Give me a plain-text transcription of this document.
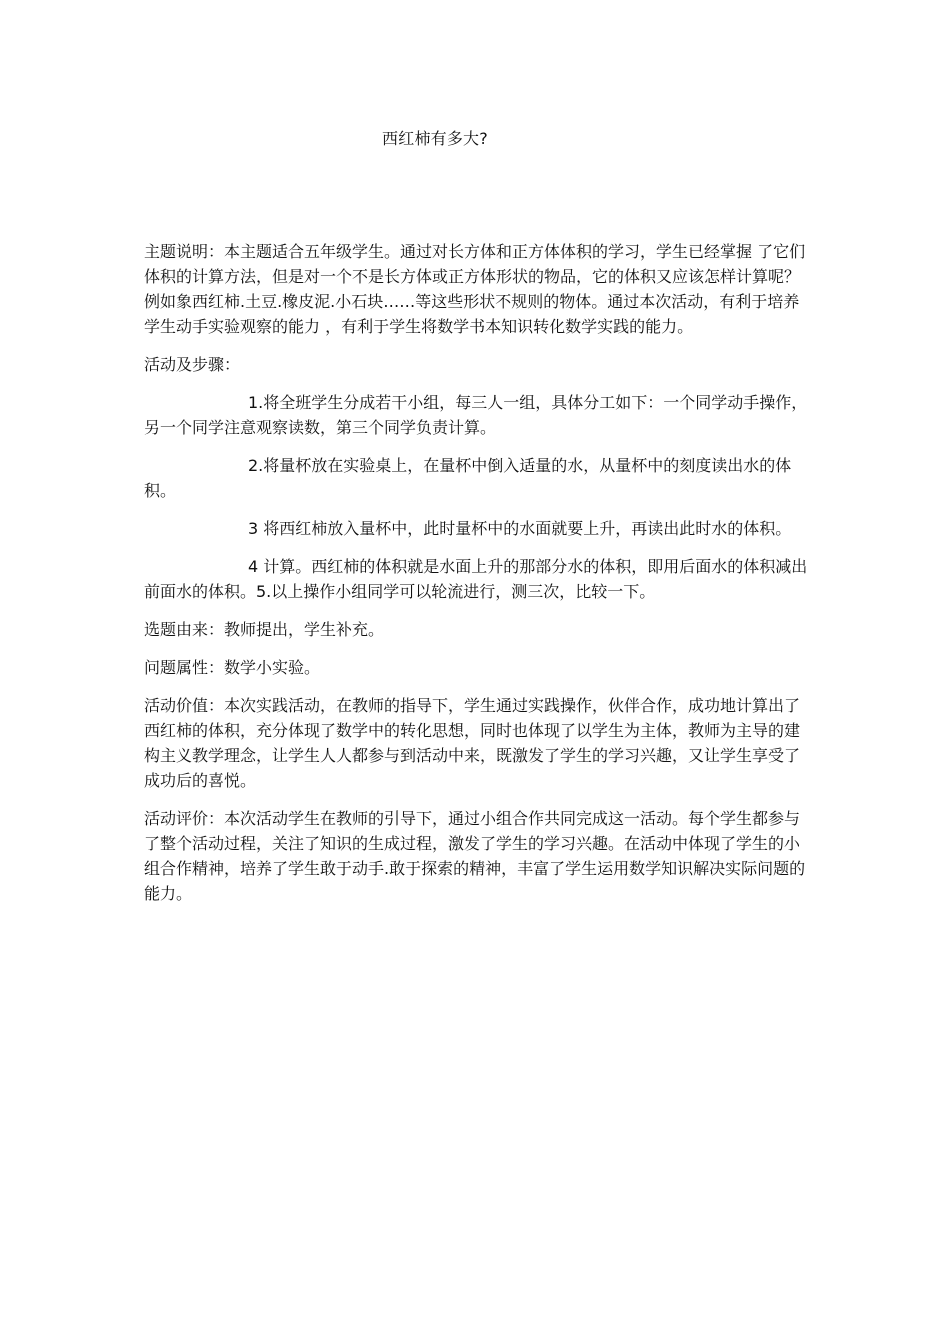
西红柿有多大?

主题说明：本主题适合五年级学生。通过对长方体和正方体体积的学习，学生已经掌握 了它们体积的计算方法，但是对一个不是长方体或正方体形状的物品，它的体积又应该怎样计算呢？例如象西红柿.土豆.橡皮泥.小石块……等这些形状不规则的物体。通过本次活动，有利于培养学生动手实验观察的能力 ，有利于学生将数学书本知识转化数学实践的能力。

活动及步骤：

1.将全班学生分成若干小组，每三人一组，具体分工如下：一个同学动手操作，另一个同学注意观察读数，第三个同学负责计算。

2.将量杯放在实验桌上，在量杯中倒入适量的水，从量杯中的刻度读出水的体积。

3 将西红柿放入量杯中，此时量杯中的水面就要上升，再读出此时水的体积。

4 计算。西红柿的体积就是水面上升的那部分水的体积，即用后面水的体积减出前面水的体积。5.以上操作小组同学可以轮流进行，测三次，比较一下。

选题由来：教师提出，学生补充。

问题属性：数学小实验。

活动价值：本次实践活动，在教师的指导下，学生通过实践操作，伙伴合作，成功地计算出了西红柿的体积，充分体现了数学中的转化思想，同时也体现了以学生为主体，教师为主导的建构主义教学理念，让学生人人都参与到活动中来，既激发了学生的学习兴趣，又让学生享受了成功后的喜悦。

活动评价：本次活动学生在教师的引导下，通过小组合作共同完成这一活动。每个学生都参与了整个活动过程，关注了知识的生成过程，激发了学生的学习兴趣。在活动中体现了学生的小组合作精神，培养了学生敢于动手.敢于探索的精神，丰富了学生运用数学知识解决实际问题的能力。
